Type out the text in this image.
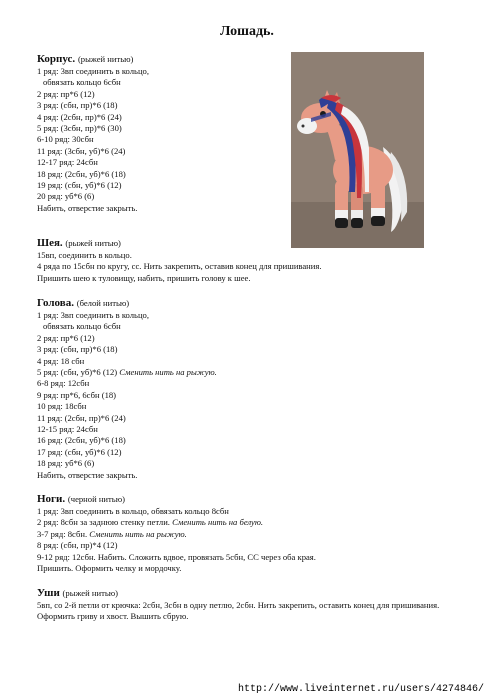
Лошадь.
Корпус. (рыжей нитью)
1 ряд: 3вп соединить в кольцо,
обвязать кольцо 6сбн
2 ряд: пр*6 (12)
3 ряд: (сбн, пр)*6 (18)
4 ряд: (2сбн, пр)*6 (24)
5 ряд: (3сбн, пр)*6 (30)
6-10 ряд: 30сбн
11 ряд: (3сбн, уб)*6 (24)
12-17 ряд: 24сбн
18 ряд: (2сбн, уб)*6 (18)
19 ряд: (сбн, уб)*6 (12)
20 ряд: уб*6 (6)
Набить, отверстие закрыть.
Шея. (рыжей нитью)
15вп, соединить в кольцо.
4 ряда по 15сбн по кругу, сс. Нить закрепить, оставив конец для пришивания.
Пришить шею к туловищу, набить, пришить голову к шее.
Голова. (белой нитью)
1 ряд: 3вп соединить в кольцо,
обвязать кольцо 6сбн
2 ряд: пр*6 (12)
3 ряд: (сбн, пр)*6 (18)
4 ряд: 18 сбн
5 ряд: (сбн, уб)*6 (12) Сменить нить на рыжую.
6-8 ряд: 12сбн
9 ряд: пр*6, 6сбн (18)
10 ряд: 18сбн
11 ряд: (2сбн, пр)*6 (24)
12-15 ряд: 24сбн
16 ряд: (2сбн, уб)*6 (18)
17 ряд: (сбн, уб)*6 (12)
18 ряд: уб*6 (6)
Набить, отверстие закрыть.
Ноги. (черной нитью)
1 ряд: 3вп соединить в кольцо, обвязать кольцо 8сбн
2 ряд: 8сбн за заднюю стенку петли. Сменить нить на белую.
3-7 ряд: 8сбн. Сменить нить на рыжую.
8 ряд: (сбн, пр)*4 (12)
9-12 ряд: 12сбн. Набить. Сложить вдвое, провязать 5сбн, СС через оба края.
Пришить. Оформить челку и мордочку.
Уши (рыжей нитью)
5вп, со 2-й петли от крючка: 2сбн, 3сбн в одну петлю, 2сбн. Нить закрепить, оставить конец для пришивания.
Оформить гриву и хвост. Вышить сбрую.
http://www.liveinternet.ru/users/4274846/
